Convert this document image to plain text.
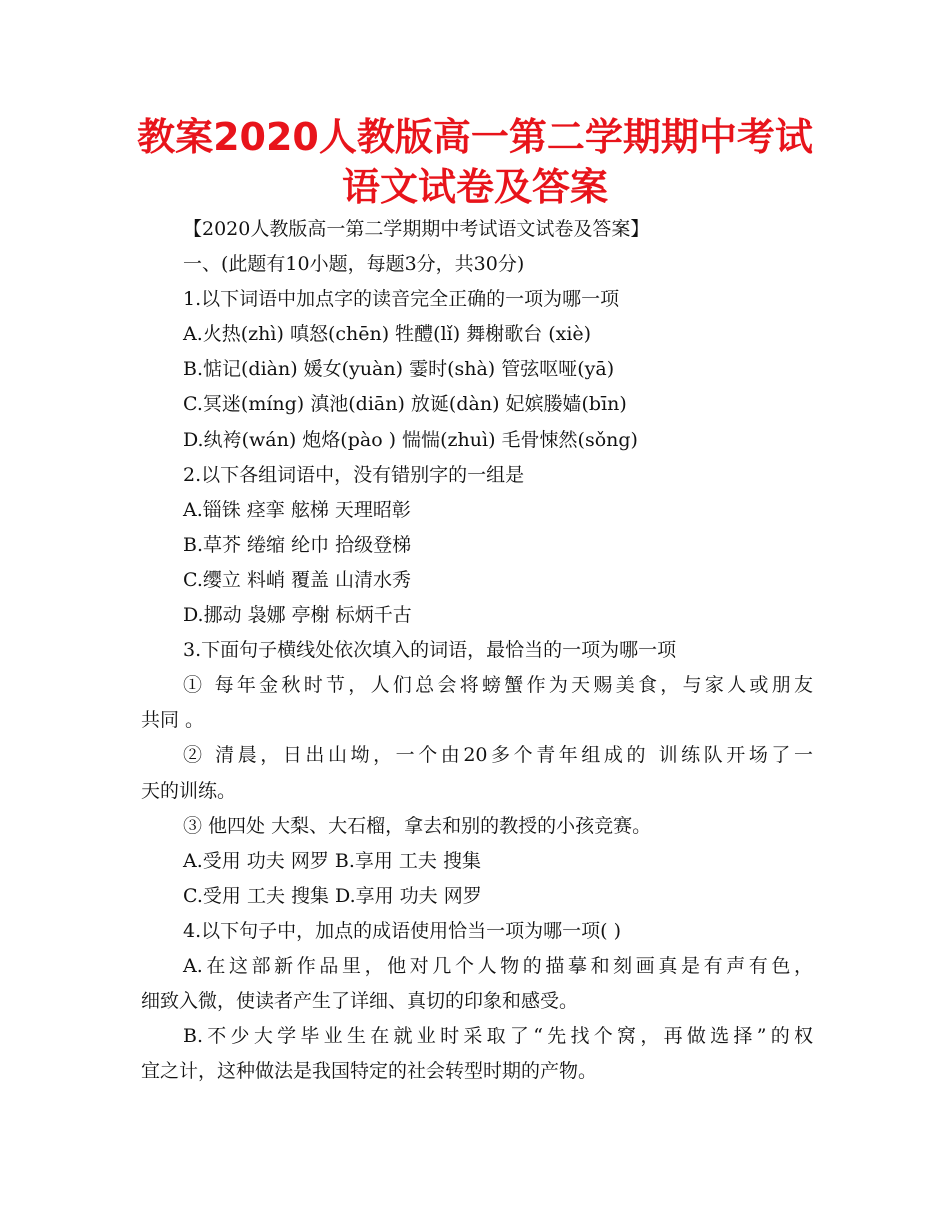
教案2020人教版高一第二学期期中考试语文试卷及答案
【2020人教版高一第二学期期中考试语文试卷及答案】
一、(此题有10小题，每题3分，共30分)
1.以下词语中加点字的读音完全正确的一项为哪一项
A.火热(zhì) 嗔怒(chēn) 牲醴(lǐ) 舞榭歌台 (xiè)
B.惦记(diàn) 媛女(yuàn) 霎时(shà) 管弦呕哑(yā)
C.冥迷(míng) 滇池(diān) 放诞(dàn) 妃嫔媵嫱(bīn)
D.纨袴(wán) 炮烙(pào ) 惴惴(zhuì) 毛骨悚然(sǒng)
2.以下各组词语中，没有错别字的一组是
A.锱铢 痉挛 舷梯 天理昭彰
B.草芥 绻缩 纶巾 拾级登梯
C.缨立 料峭 覆盖 山清水秀
D.挪动 袅娜 亭榭 标炳千古
3.下面句子横线处依次填入的词语，最恰当的一项为哪一项
① 每年金秋时节，人们总会将螃蟹作为天赐美食，与家人或朋友
共同 。
② 清晨，日出山坳，一个由20多个青年组成的 训练队开场了一
天的训练。
③ 他四处 大梨、大石榴，拿去和别的教授的小孩竞赛。
A.受用 功夫 网罗 B.享用 工夫 搜集
C.受用 工夫 搜集 D.享用 功夫 网罗
4.以下句子中，加点的成语使用恰当一项为哪一项( )
A.在这部新作品里，他对几个人物的描摹和刻画真是有声有色，
细致入微，使读者产生了详细、真切的印象和感受。
B.不少大学毕业生在就业时采取了“先找个窝，再做选择”的权
宜之计，这种做法是我国特定的社会转型时期的产物。
